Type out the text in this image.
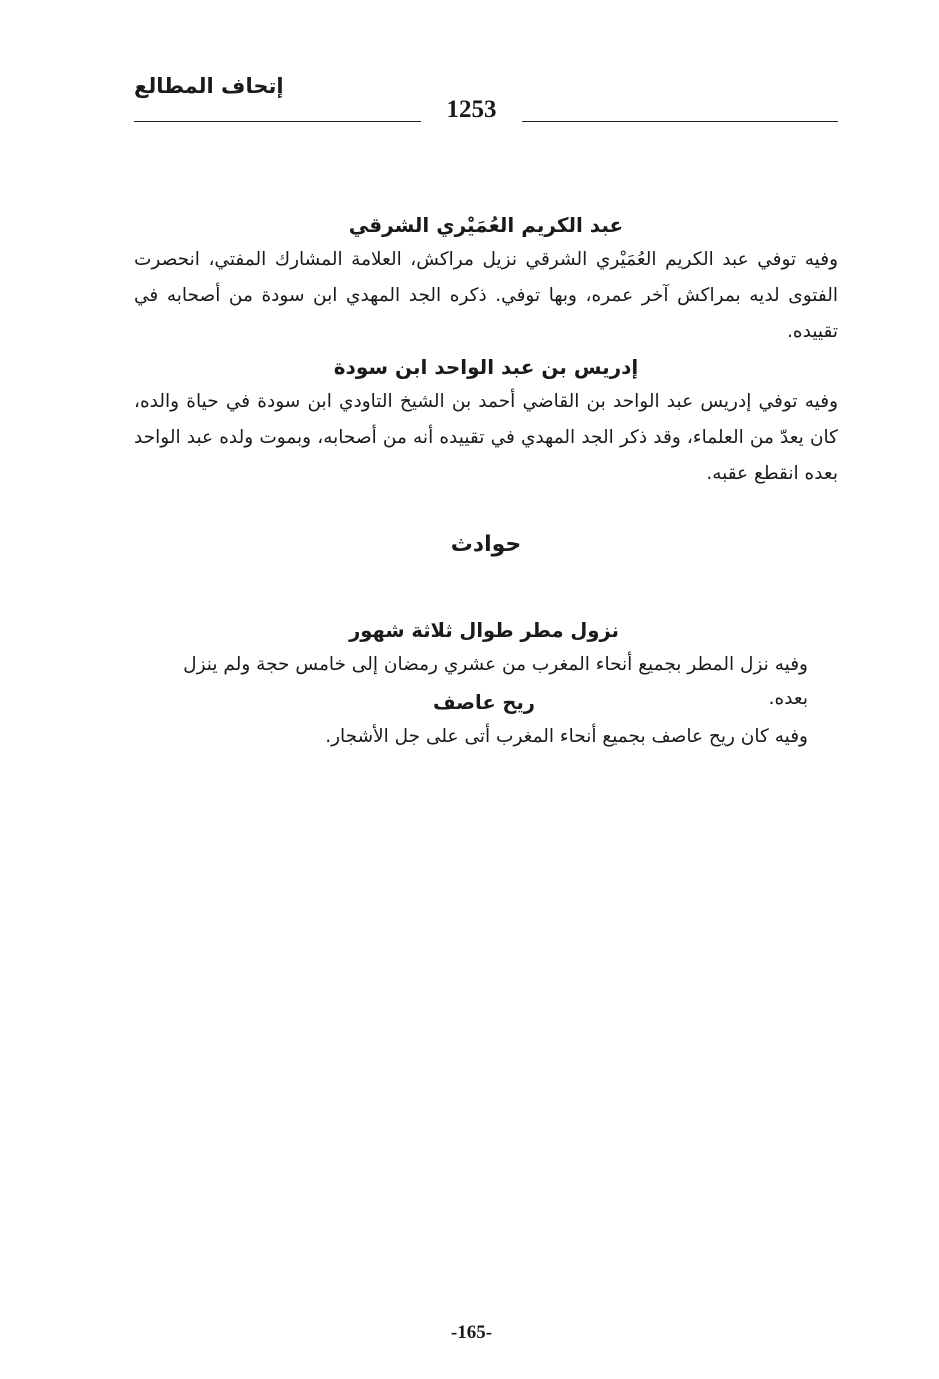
إتحاف المطالع
1253

عبد الكريم العُمَيْري الشرقي

وفيه توفي عبد الكريم العُمَيْري الشرقي نزيل مراكش، العلامة المشارك المفتي، انحصرت الفتوى لديه بمراكش آخر عمره، وبها توفي. ذكره الجد المهدي ابن سودة من أصحابه في تقييده.

إدريس بن عبد الواحد ابن سودة

وفيه توفي إدريس عبد الواحد بن القاضي أحمد بن الشيخ التاودي ابن سودة في حياة والده، كان يعدّ من العلماء، وقد ذكر الجد المهدي في تقييده أنه من أصحابه، وبموت ولده عبد الواحد بعده انقطع عقبه.

حوادث

نزول مطر طوال ثلاثة شهور

وفيه نزل المطر بجميع أنحاء المغرب من عشري رمضان إلى خامس حجة ولم ينزل بعده.

ريح عاصف

وفيه كان ريح عاصف بجميع أنحاء المغرب أتى على جل الأشجار.

-165-
